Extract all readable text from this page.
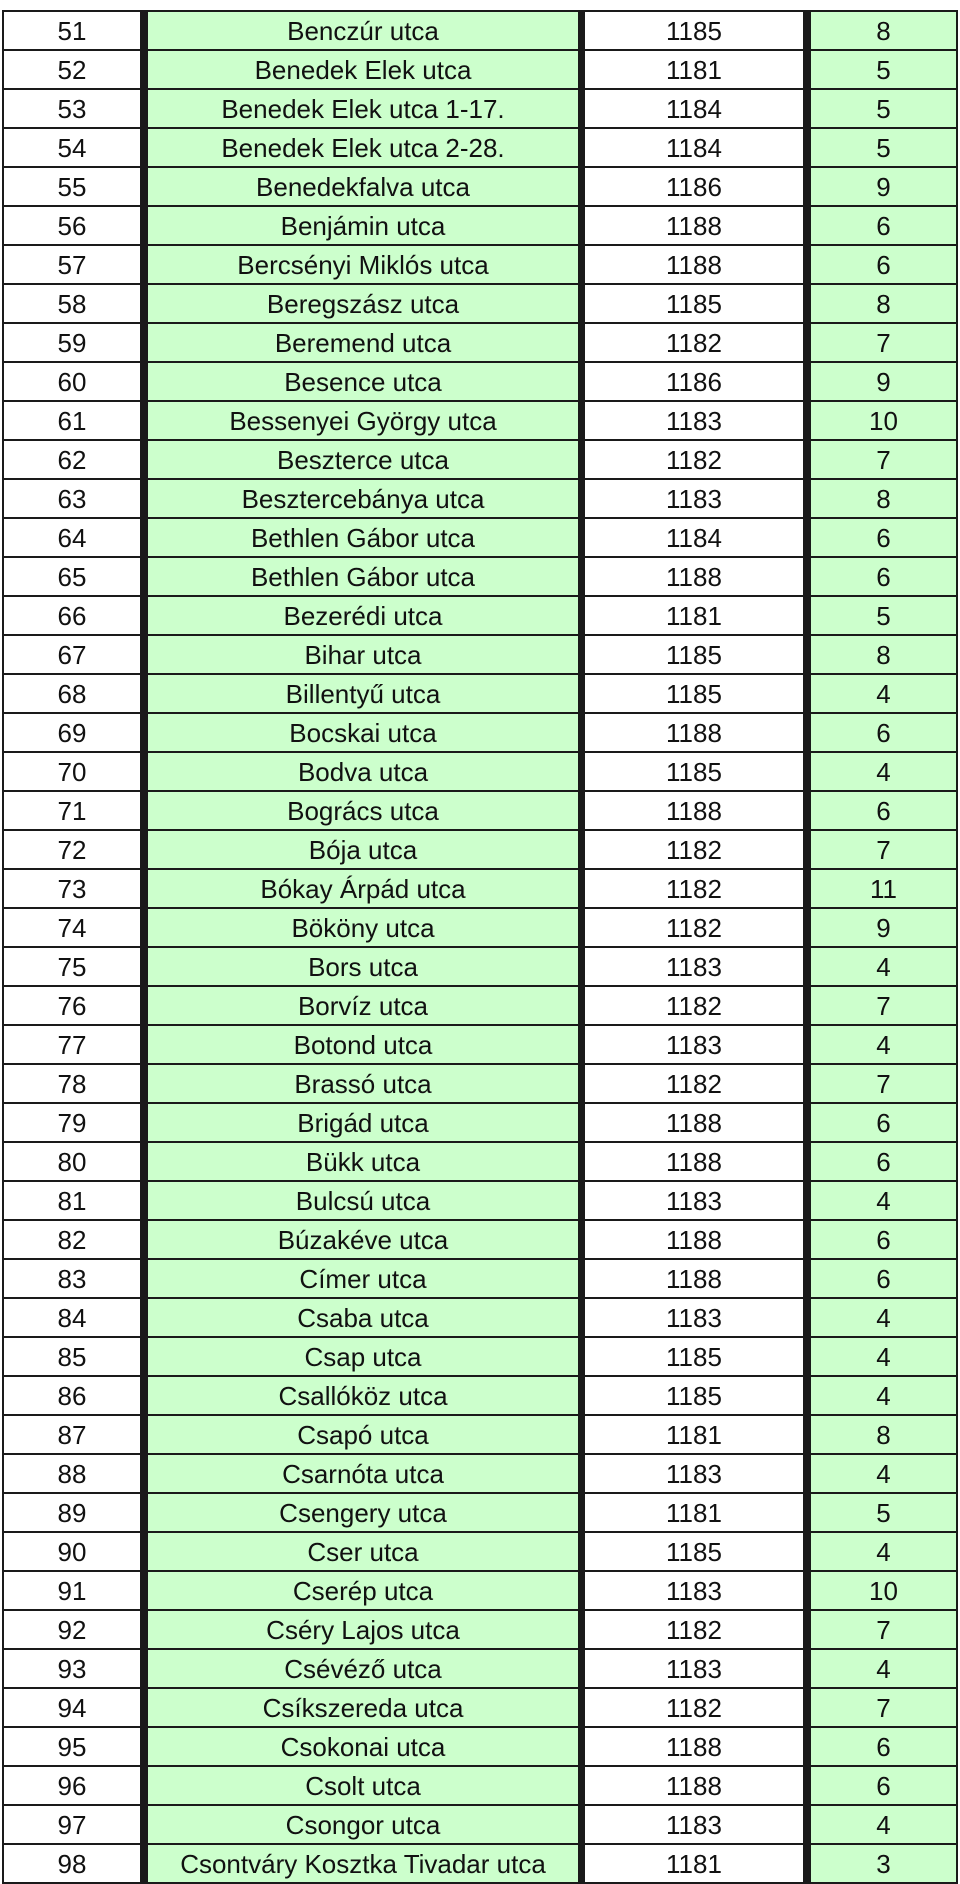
51		Benczúr utca		1185		8
52		Benedek Elek utca		1181		5
53		Benedek Elek utca 1-17.		1184		5
54		Benedek Elek utca 2-28.		1184		5
55		Benedekfalva utca		1186		9
56		Benjámin utca		1188		6
57		Bercsényi Miklós utca		1188		6
58		Beregszász utca		1185		8
59		Beremend utca		1182		7
60		Besence utca		1186		9
61		Bessenyei György utca		1183		10
62		Beszterce utca		1182		7
63		Besztercebánya utca		1183		8
64		Bethlen Gábor utca		1184		6
65		Bethlen Gábor utca		1188		6
66		Bezerédi utca		1181		5
67		Bihar utca		1185		8
68		Billentyű utca		1185		4
69		Bocskai utca		1188		6
70		Bodva utca		1185		4
71		Bogrács utca		1188		6
72		Bója utca		1182		7
73		Bókay Árpád utca		1182		11
74		Bököny utca		1182		9
75		Bors utca		1183		4
76		Borvíz utca		1182		7
77		Botond utca		1183		4
78		Brassó utca		1182		7
79		Brigád utca		1188		6
80		Bükk utca		1188		6
81		Bulcsú utca		1183		4
82		Búzakéve utca		1188		6
83		Címer utca		1188		6
84		Csaba utca		1183		4
85		Csap utca		1185		4
86		Csallóköz utca		1185		4
87		Csapó utca		1181		8
88		Csarnóta utca		1183		4
89		Csengery utca		1181		5
90		Cser utca		1185		4
91		Cserép utca		1183		10
92		Cséry Lajos utca		1182		7
93		Csévéző utca		1183		4
94		Csíkszereda utca		1182		7
95		Csokonai utca		1188		6
96		Csolt utca		1188		6
97		Csongor utca		1183		4
98		Csontváry Kosztka Tivadar utca		1181		3
